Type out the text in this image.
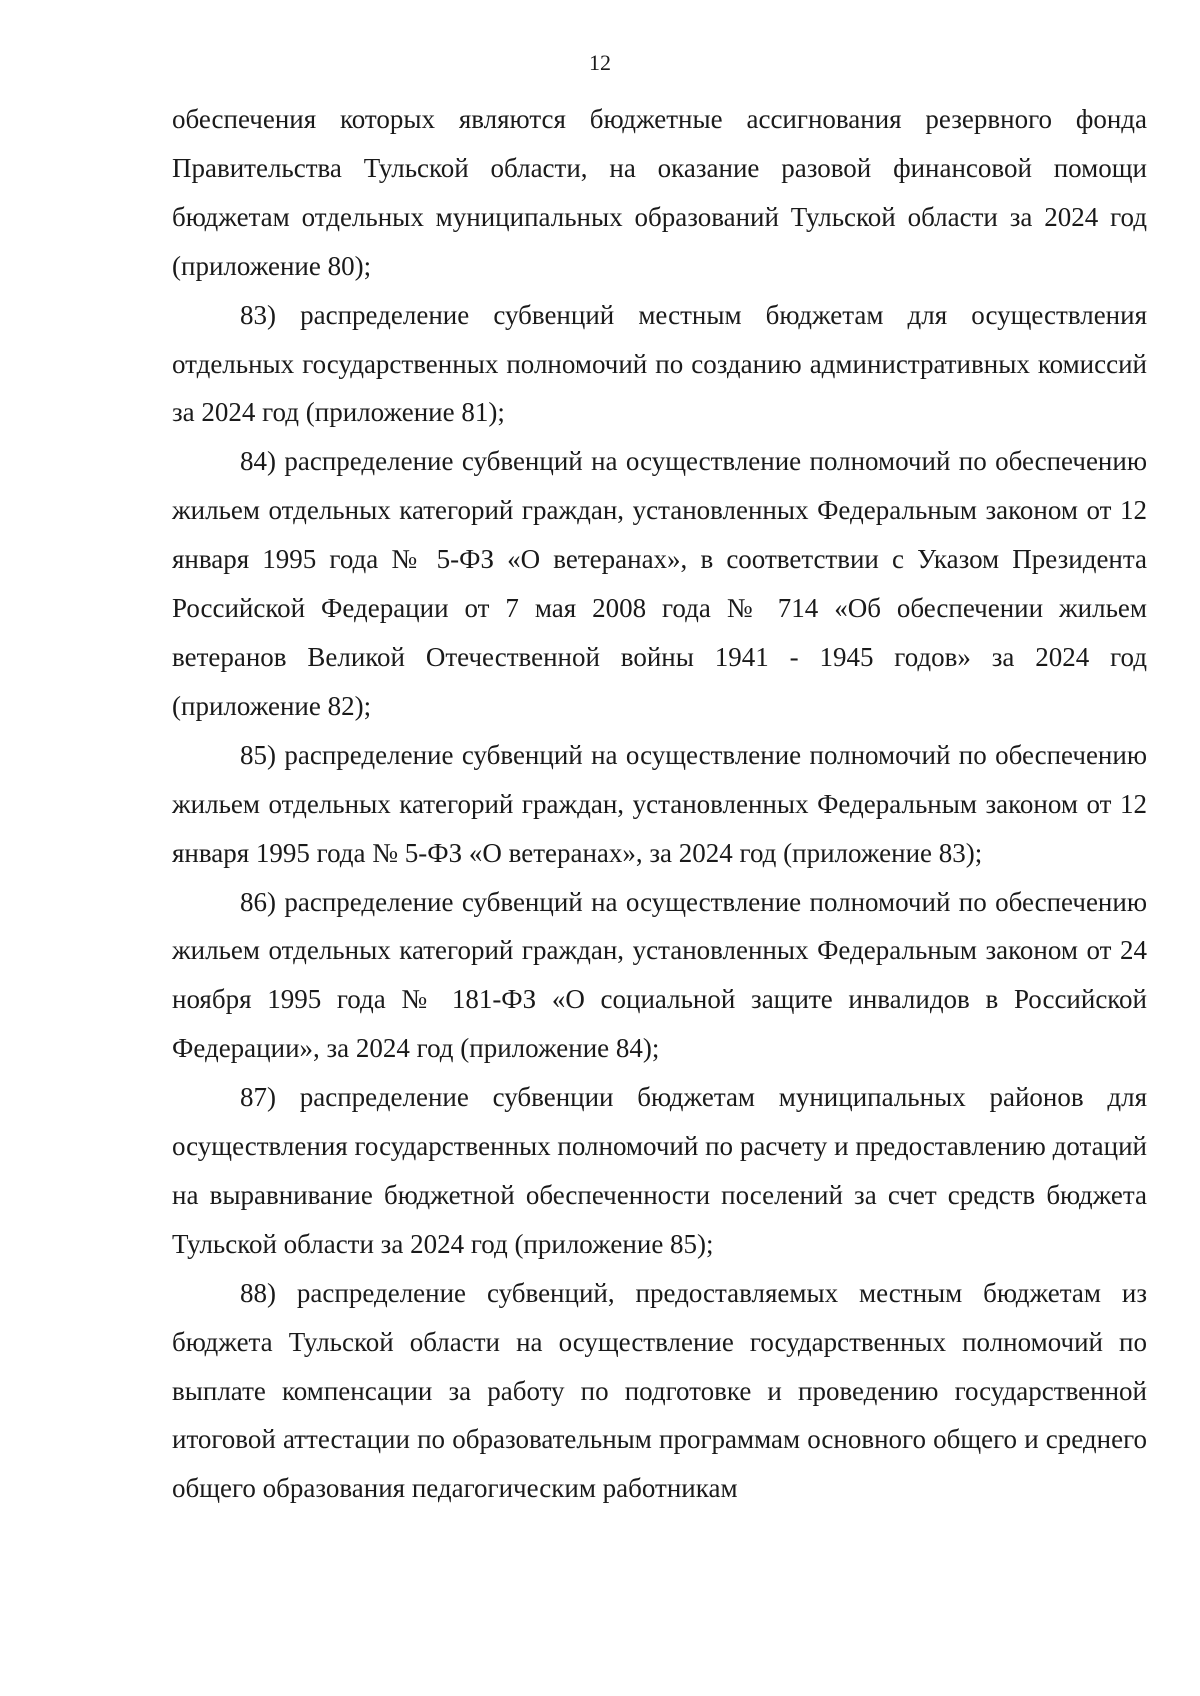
12

обеспечения которых являются бюджетные ассигнования резервного фонда Правительства Тульской области, на оказание разовой финансовой помощи бюджетам отдельных муниципальных образований Тульской области за 2024 год (приложение 80);

83) распределение субвенций местным бюджетам для осуществления отдельных государственных полномочий по созданию административных комиссий за 2024 год (приложение 81);

84) распределение субвенций на осуществление полномочий по обеспечению жильем отдельных категорий граждан, установленных Федеральным законом от 12 января 1995 года № 5-ФЗ «О ветеранах», в соответствии с Указом Президента Российской Федерации от 7 мая 2008 года № 714 «Об обеспечении жильем ветеранов Великой Отечественной войны 1941 - 1945 годов» за 2024 год (приложение 82);

85) распределение субвенций на осуществление полномочий по обеспечению жильем отдельных категорий граждан, установленных Федеральным законом от 12 января 1995 года № 5-ФЗ «О ветеранах», за 2024 год (приложение 83);

86) распределение субвенций на осуществление полномочий по обеспечению жильем отдельных категорий граждан, установленных Федеральным законом от 24 ноября 1995 года № 181-ФЗ «О социальной защите инвалидов в Российской Федерации», за 2024 год (приложение 84);

87) распределение субвенции бюджетам муниципальных районов для осуществления государственных полномочий по расчету и предоставлению дотаций на выравнивание бюджетной обеспеченности поселений за счет средств бюджета Тульской области за 2024 год (приложение 85);

88) распределение субвенций, предоставляемых местным бюджетам из бюджета Тульской области на осуществление государственных полномочий по выплате компенсации за работу по подготовке и проведению государственной итоговой аттестации по образовательным программам основного общего и среднего общего образования педагогическим работникам
